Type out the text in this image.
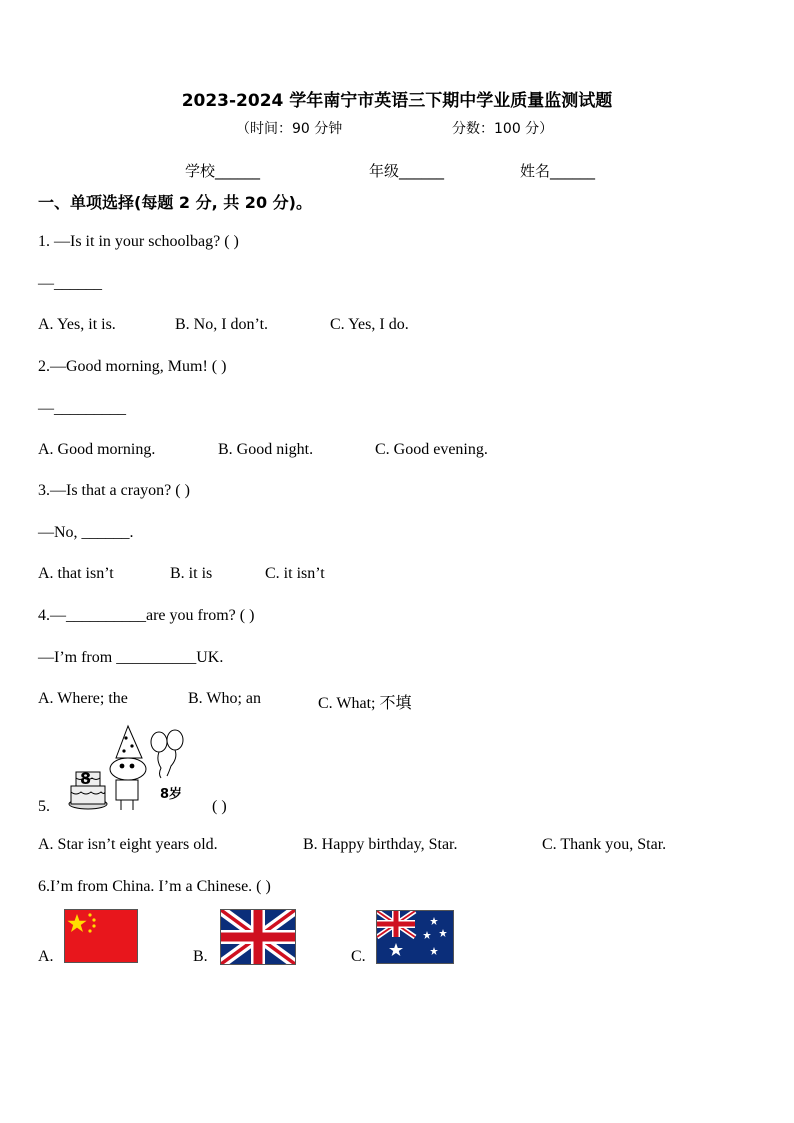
2023-2024 学年南宁市英语三下期中学业质量监测试题
（时间：90 分钟	分数：100 分）
学校______	年级______	姓名______
一、单项选择(每题 2 分, 共 20 分)。
1. —Is it in your schoolbag? ( )
—______
A. Yes, it is.	B. No, I don’t.	C. Yes, I do.
2.—Good morning, Mum! ( )
—_________
A. Good morning.	B. Good night.	C. Good evening.
3.—Is that a crayon? ( )
—No, ______.
A. that isn’t	B. it is	C. it isn’t
4.—__________are you from? ( )
—I’m from __________UK.
A. Where; the	B. Who; an	C. What; 不填
5.
8
8岁
( )
A. Star isn’t eight years old.	B. Happy birthday, Star.	C. Thank you, Star.
6.I’m from China. I’m a Chinese. ( )
A.	B.	C.
